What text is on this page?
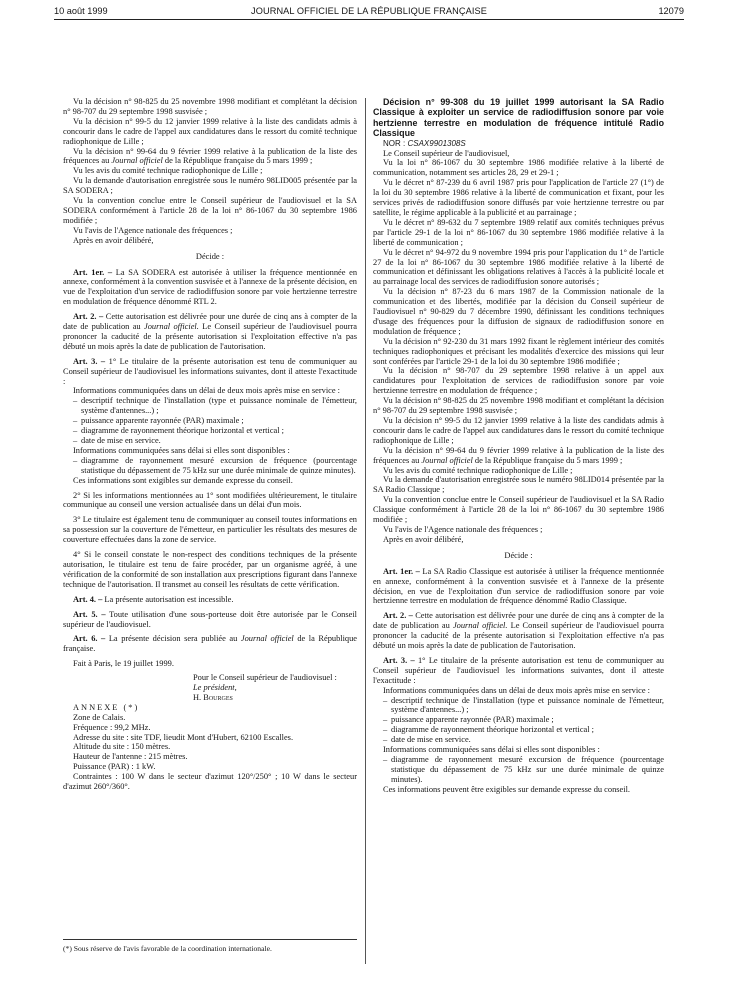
10 août 1999	JOURNAL OFFICIEL DE LA RÉPUBLIQUE FRANÇAISE	12079

Vu la décision n° 98-825 du 25 novembre 1998 modifiant et complétant la décision n° 98-707 du 29 septembre 1998 susvisée ;

Vu la décision n° 99-5 du 12 janvier 1999 relative à la liste des candidats admis à concourir dans le cadre de l'appel aux candidatures dans le ressort du comité technique radiophonique de Lille ;

Vu la décision n° 99-64 du 9 février 1999 relative à la publication de la liste des fréquences au Journal officiel de la République française du 5 mars 1999 ;

Vu les avis du comité technique radiophonique de Lille ;

Vu la demande d'autorisation enregistrée sous le numéro 98LID005 présentée par la SA SODERA ;

Vu la convention conclue entre le Conseil supérieur de l'audiovisuel et la SA SODERA conformément à l'article 28 de la loi n° 86-1067 du 30 septembre 1986 modifiée ;

Vu l'avis de l'Agence nationale des fréquences ;

Après en avoir délibéré,

Décide :

Art. 1er. – La SA SODERA est autorisée à utiliser la fréquence mentionnée en annexe, conformément à la convention susvisée et à l'annexe de la présente décision, en vue de l'exploitation d'un service de radiodiffusion sonore par voie hertzienne terrestre en modulation de fréquence dénommé RTL 2.

Art. 2. – Cette autorisation est délivrée pour une durée de cinq ans à compter de la date de publication au Journal officiel. Le Conseil supérieur de l'audiovisuel pourra prononcer la caducité de la présente autorisation si l'exploitation effective n'a pas débuté un mois après la date de publication de l'autorisation.

Art. 3. – 1° Le titulaire de la présente autorisation est tenu de communiquer au Conseil supérieur de l'audiovisuel les informations suivantes, dont il atteste l'exactitude :

Informations communiquées dans un délai de deux mois après mise en service :

– descriptif technique de l'installation (type et puissance nominale de l'émetteur, système d'antennes...) ;
– puissance apparente rayonnée (PAR) maximale ;
– diagramme de rayonnement théorique horizontal et vertical ;
– date de mise en service.

Informations communiquées sans délai si elles sont disponibles :

– diagramme de rayonnement mesuré excursion de fréquence (pourcentage statistique du dépassement de 75 kHz sur une durée minimale de quinze minutes).

Ces informations sont exigibles sur demande expresse du conseil.

2° Si les informations mentionnées au 1° sont modifiées ultérieurement, le titulaire communique au conseil une version actualisée dans un délai d'un mois.

3° Le titulaire est également tenu de communiquer au conseil toutes informations en sa possession sur la couverture de l'émetteur, en particulier les résultats des mesures de couverture effectuées dans la zone de service.

4° Si le conseil constate le non-respect des conditions techniques de la présente autorisation, le titulaire est tenu de faire procéder, par un organisme agréé, à une vérification de la conformité de son installation aux prescriptions figurant dans l'annexe technique de l'autorisation. Il transmet au conseil les résultats de cette vérification.

Art. 4. – La présente autorisation est incessible.

Art. 5. – Toute utilisation d'une sous-porteuse doit être autorisée par le Conseil supérieur de l'audiovisuel.

Art. 6. – La présente décision sera publiée au Journal officiel de la République française.

Fait à Paris, le 19 juillet 1999.

Pour le Conseil supérieur de l'audiovisuel :

Le président,

H. Bourges

ANNEXE (*)

Zone de Calais.

Fréquence : 99,2 MHz.

Adresse du site : site TDF, lieudit Mont d'Hubert, 62100 Escalles.

Altitude du site : 150 mètres.

Hauteur de l'antenne : 215 mètres.

Puissance (PAR) : 1 kW.

Contraintes : 100 W dans le secteur d'azimut 120°/250° ; 10 W dans le secteur d'azimut 260°/360°.

(*) Sous réserve de l'avis favorable de la coordination internationale.

Décision n° 99-308 du 19 juillet 1999 autorisant la SA Radio Classique à exploiter un service de radiodiffusion sonore par voie hertzienne terrestre en modulation de fréquence intitulé Radio Classique

NOR : CSAX9901308S

Le Conseil supérieur de l'audiovisuel,

Vu la loi n° 86-1067 du 30 septembre 1986 modifiée relative à la liberté de communication, notamment ses articles 28, 29 et 29-1 ;

Vu le décret n° 87-239 du 6 avril 1987 pris pour l'application de l'article 27 (1°) de la loi du 30 septembre 1986 relative à la liberté de communication et fixant, pour les services privés de radiodiffusion sonore diffusés par voie hertzienne terrestre ou par satellite, le régime applicable à la publicité et au parrainage ;

Vu le décret n° 89-632 du 7 septembre 1989 relatif aux comités techniques prévus par l'article 29-1 de la loi n° 86-1067 du 30 septembre 1986 modifiée relative à la liberté de communication ;

Vu le décret n° 94-972 du 9 novembre 1994 pris pour l'application du 1° de l'article 27 de la loi n° 86-1067 du 30 septembre 1986 modifiée relative à la liberté de communication et définissant les obligations relatives à l'accès à la publicité locale et au parrainage local des services de radiodiffusion sonore autorisés ;

Vu la décision n° 87-23 du 6 mars 1987 de la Commission nationale de la communication et des libertés, modifiée par la décision du Conseil supérieur de l'audiovisuel n° 90-829 du 7 décembre 1990, définissant les conditions techniques d'usage des fréquences pour la diffusion de signaux de radiodiffusion sonore en modulation de fréquence ;

Vu la décision n° 92-230 du 31 mars 1992 fixant le règlement intérieur des comités techniques radiophoniques et précisant les modalités d'exercice des missions qui leur sont conférées par l'article 29-1 de la loi du 30 septembre 1986 modifiée ;

Vu la décision n° 98-707 du 29 septembre 1998 relative à un appel aux candidatures pour l'exploitation de services de radiodiffusion sonore par voie hertzienne terrestre en modulation de fréquence ;

Vu la décision n° 98-825 du 25 novembre 1998 modifiant et complétant la décision n° 98-707 du 29 septembre 1998 susvisée ;

Vu la décision n° 99-5 du 12 janvier 1999 relative à la liste des candidats admis à concourir dans le cadre de l'appel aux candidatures dans le ressort du comité technique radiophonique de Lille ;

Vu la décision n° 99-64 du 9 février 1999 relative à la publication de la liste des fréquences au Journal officiel de la République française du 5 mars 1999 ;

Vu les avis du comité technique radiophonique de Lille ;

Vu la demande d'autorisation enregistrée sous le numéro 98LID014 présentée par la SA Radio Classique ;

Vu la convention conclue entre le Conseil supérieur de l'audiovisuel et la SA Radio Classique conformément à l'article 28 de la loi n° 86-1067 du 30 septembre 1986 modifiée ;

Vu l'avis de l'Agence nationale des fréquences ;

Après en avoir délibéré,

Décide :

Art. 1er. – La SA Radio Classique est autorisée à utiliser la fréquence mentionnée en annexe, conformément à la convention susvisée et à l'annexe de la présente décision, en vue de l'exploitation d'un service de radiodiffusion sonore par voie hertzienne terrestre en modulation de fréquence dénommé Radio Classique.

Art. 2. – Cette autorisation est délivrée pour une durée de cinq ans à compter de la date de publication au Journal officiel. Le Conseil supérieur de l'audiovisuel pourra prononcer la caducité de la présente autorisation si l'exploitation effective n'a pas débuté un mois après la date de publication de l'autorisation.

Art. 3. – 1° Le titulaire de la présente autorisation est tenu de communiquer au Conseil supérieur de l'audiovisuel les informations suivantes, dont il atteste l'exactitude :

Informations communiquées dans un délai de deux mois après mise en service :

– descriptif technique de l'installation (type et puissance nominale de l'émetteur, système d'antennes...) ;
– puissance apparente rayonnée (PAR) maximale ;
– diagramme de rayonnement théorique horizontal et vertical ;
– date de mise en service.

Informations communiquées sans délai si elles sont disponibles :

– diagramme de rayonnement mesuré excursion de fréquence (pourcentage statistique du dépassement de 75 kHz sur une durée minimale de quinze minutes).

Ces informations peuvent être exigibles sur demande expresse du conseil.
